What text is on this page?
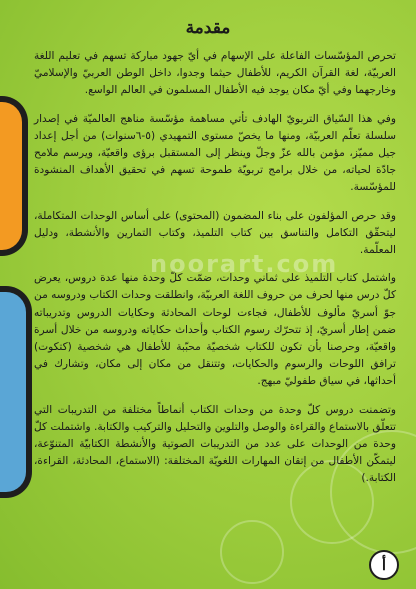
مقدمة

تحرص المؤسّسات الفاعلة على الإسهام في أيّ جهود مباركة تسهم في تعليم اللغة العربيّة، لغة القرآن الكريم، للأطفال حيثما وجدوا، داخل الوطن العربيّ والإسلاميّ وخارجهما وفي أيّ مكان يوجد فيه الأطفال المسلمون في العالم الواسع.

وفي هذا السّياق التربويّ الهادف تأتي مساهمة مؤسّسة مناهج العالميّة في إصدار سلسلة تعلّم العربيّة، ومنها ما يخصّ مستوى التمهيدي (٥-٦سنوات) من أجل إعداد جيل مميّز، مؤمن بالله عزّ وجلّ وينظر إلى المستقبل برؤى واقعيّة، ويرسم ملامح جادّة لحياته، من خلال برامج تربويّة طموحة تسهم في تحقيق الأهداف المنشودة للمؤسّسة.

وقد حرص المؤلفون على بناء المضمون (المحتوى) على أساس الوحدات المتكاملة، ليتحقّق التكامل والتناسق بين كتاب التلميذ، وكتاب التمارين والأنشطة، ودليل المعلّمة.

واشتمل كتاب التلميذ على ثماني وحدات، ضمّت كلّ وحدة منها عدة دروس، يعرض كلّ درس منها لحرف من حروف اللغة العربيّة، وانطلقت وحدات الكتاب ودروسه من جوّ أسريّ مألوف للأطفال، فجاءت لوحات المحادثة وحكايات الدروس وتدريباته ضمن إطار أسريّ، إذ تتحرّك رسوم الكتاب وأحداث حكاياته ودروسه من خلال أسرة واقعيّة، وحرصنا بأن تكون للكتاب شخصيّة محبّبة للأطفال هي شخصية (كتكوت) ترافق اللوحات والرسوم والحكايات، وتتنقل من مكان إلى مكان، وتشارك في أحداثها، في سياق طفوليّ مبهج.

وتضمنت دروس كلّ وحدة من وحدات الكتاب أنماطاً مختلفة من التدريبات التي تتعلّق بالاستماع والقراءة والوصل والتلوين والتحليل والتركيب والكتابة. واشتملت كلّ وحدة من الوحدات على عدد من التدريبات الصوتية والأنشطة الكتابيّة المتنوّعة، ليتمكّن الأطفال من إتقان المهارات اللغويّة المختلفة: (الاستماع، المحادثة، القراءة، الكتابة.)

noorart.com
أ
